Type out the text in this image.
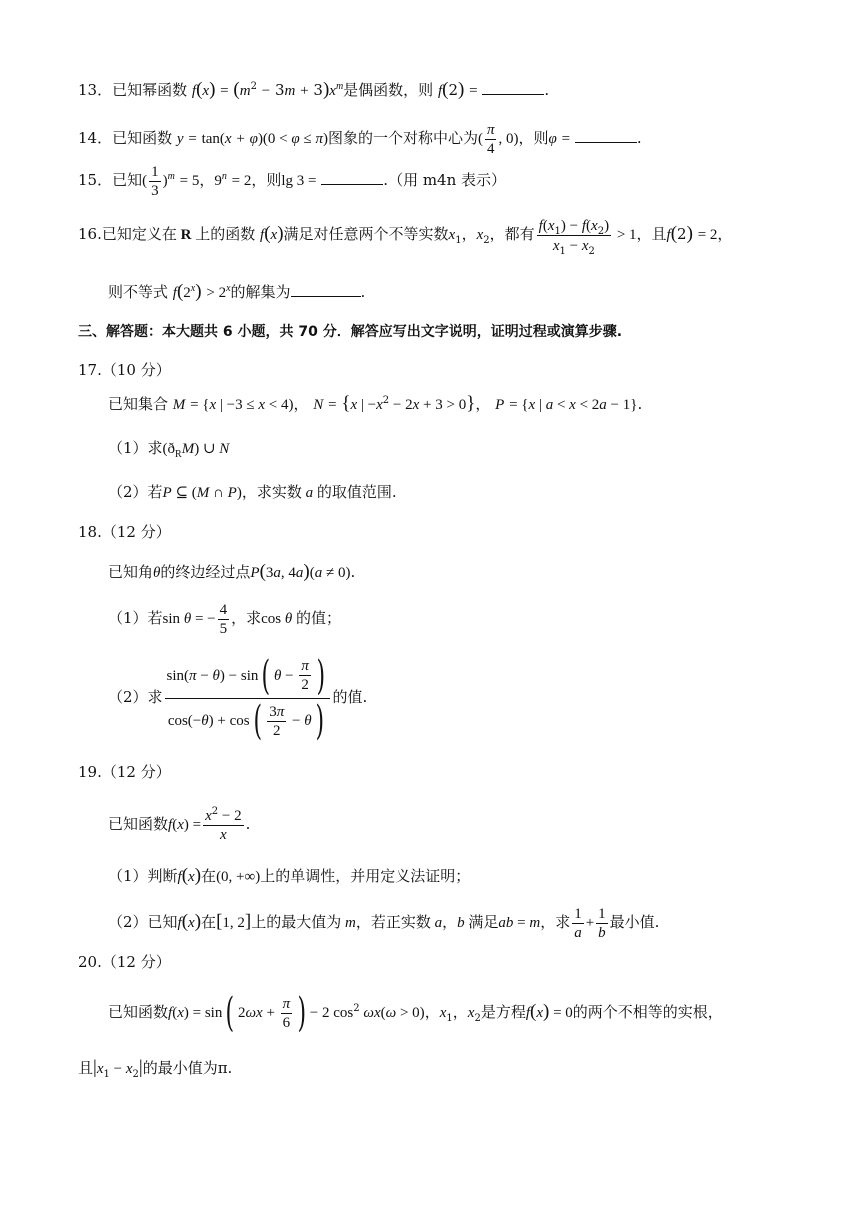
13．已知幂函数 $f(x) = (m^2 - 3m + 3)x^m$是偶函数，则 f(2) =	.
14．已知函数 y = tan(x + φ)(0 < φ ≤ π)图象的一个对称中心为( $\frac{\pi}{4}$ , 0)，则φ =	.
15．已知( $\frac{1}{3} )^m = 5$，$9^n = 2$，则lg 3 =	.（用 m4n 表示）
16.已知定义在 R 上的函数 f(x)满足对任意两个不等实数$x_1$，$x_2$，都有 $\frac{f(x_1) - f(x_2)}{x_1 - x_2} > 1$，且f(2) = 2，
则不等式 $f(2^x) > 2^x$的解集为	.
三、解答题：本大题共 6 小题，共 70 分．解答应写出文字说明，证明过程或演算步骤.
17.（10 分）
已知集合 M = {x | −3 ≤ x < 4)， N = {x | $-x^2 - 2x + 3 > 0$}， P = {x | a < x < 2a − 1}.
（1）求$(ð_RM)$ ∪ N
（2）若P ⊆ (M ∩ P)，求实数 a 的取值范围.
18.（12 分）
已知角θ的终边经过点P(3a, 4a)(a ≠ 0).
（1）若sin θ = − $\frac{4}{5}$ ，求cos θ 的值；
（2）求 $\frac{\sin(\pi - \theta) - \sin( \theta - \frac{\pi}{2} )}{\cos(-\theta) + \cos( \frac{3\pi}{2} - \theta)}$ 的值.
19.（12 分）
已知函数$f(x) = \frac{x^2 - 2}{x}$ .
（1）判断f(x)在(0, +∞)上的单调性，并用定义法证明；
（2）已知f(x)在[1, 2]上的最大值为 m，若正实数 a，b 满足ab = m，求 $\frac{1}{a} + \frac{1}{b}$ 最小值.
20.（12 分）
已知函数f(x) = sin( $2\omega x + \frac{\pi}{6}$ ) − 2 $\cos^2 \omega x(\omega > 0)$，$x_1$，$x_2$是方程f(x) = 0的两个不相等的实根，
且$|x_1 - x_2|$的最小值为π.
